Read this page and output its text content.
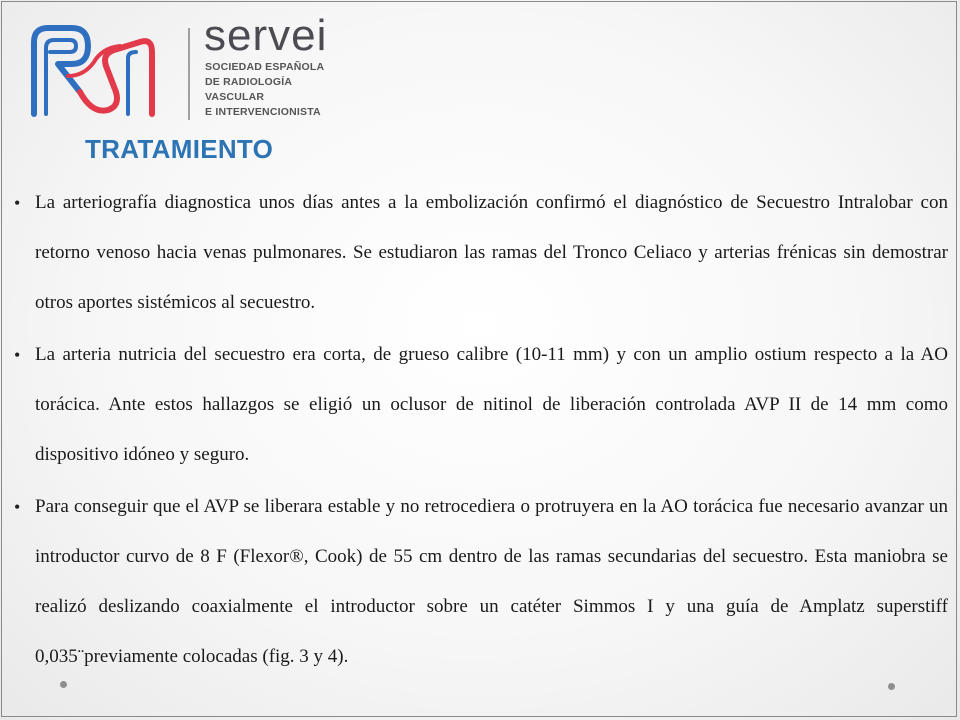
servei
SOCIEDAD ESPAÑOLA
DE RADIOLOGÍA
VASCULAR
E INTERVENCIONISTA
TRATAMIENTO
• La arteriografía diagnostica unos días antes a la embolización confirmó el diagnóstico de Secuestro Intralobar con retorno venoso hacia venas pulmonares. Se estudiaron las ramas del Tronco Celiaco y arterias frénicas sin demostrar otros aportes sistémicos al secuestro.

• La arteria nutricia del secuestro era corta, de grueso calibre (10-11 mm) y con un amplio ostium respecto a la AO torácica. Ante estos hallazgos se eligió un oclusor de nitinol de liberación controlada AVP II de 14 mm como dispositivo idóneo y seguro.

• Para conseguir que el AVP se liberara estable y no retrocediera o protruyera en la AO torácica fue necesario avanzar un introductor curvo de 8 F (Flexor®, Cook) de 55 cm dentro de las ramas secundarias del secuestro. Esta maniobra se realizó deslizando coaxialmente el introductor sobre un catéter Simmos I y una guía de Amplatz superstiff 0,035¨previamente colocadas (fig. 3 y 4).
